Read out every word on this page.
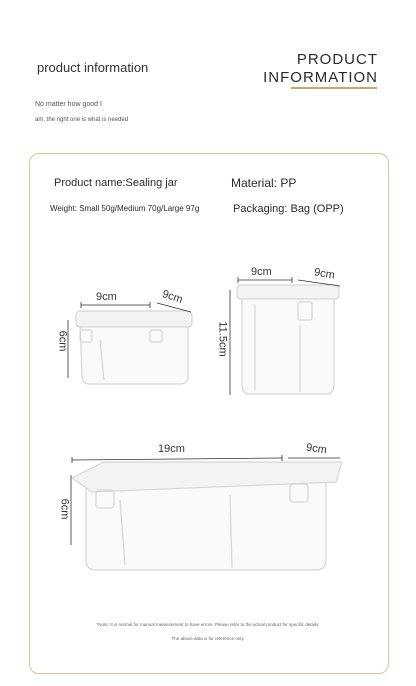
product information	PRODUCT
INFORMATION
No matter how good I
am, the right one is what is needed
Product name:Sealing jar
Weight: Small 50g/Medium 70g/Large 97g
Material: PP
Packaging: Bag (OPP)
9cm	9cm
6cm
9cm	9cm
11.5cm
19cm	9cm
6cm
*Note: It is normal for manual measurement to have errors. Please refer to the actual product for specific details.
The above data is for reference only.
